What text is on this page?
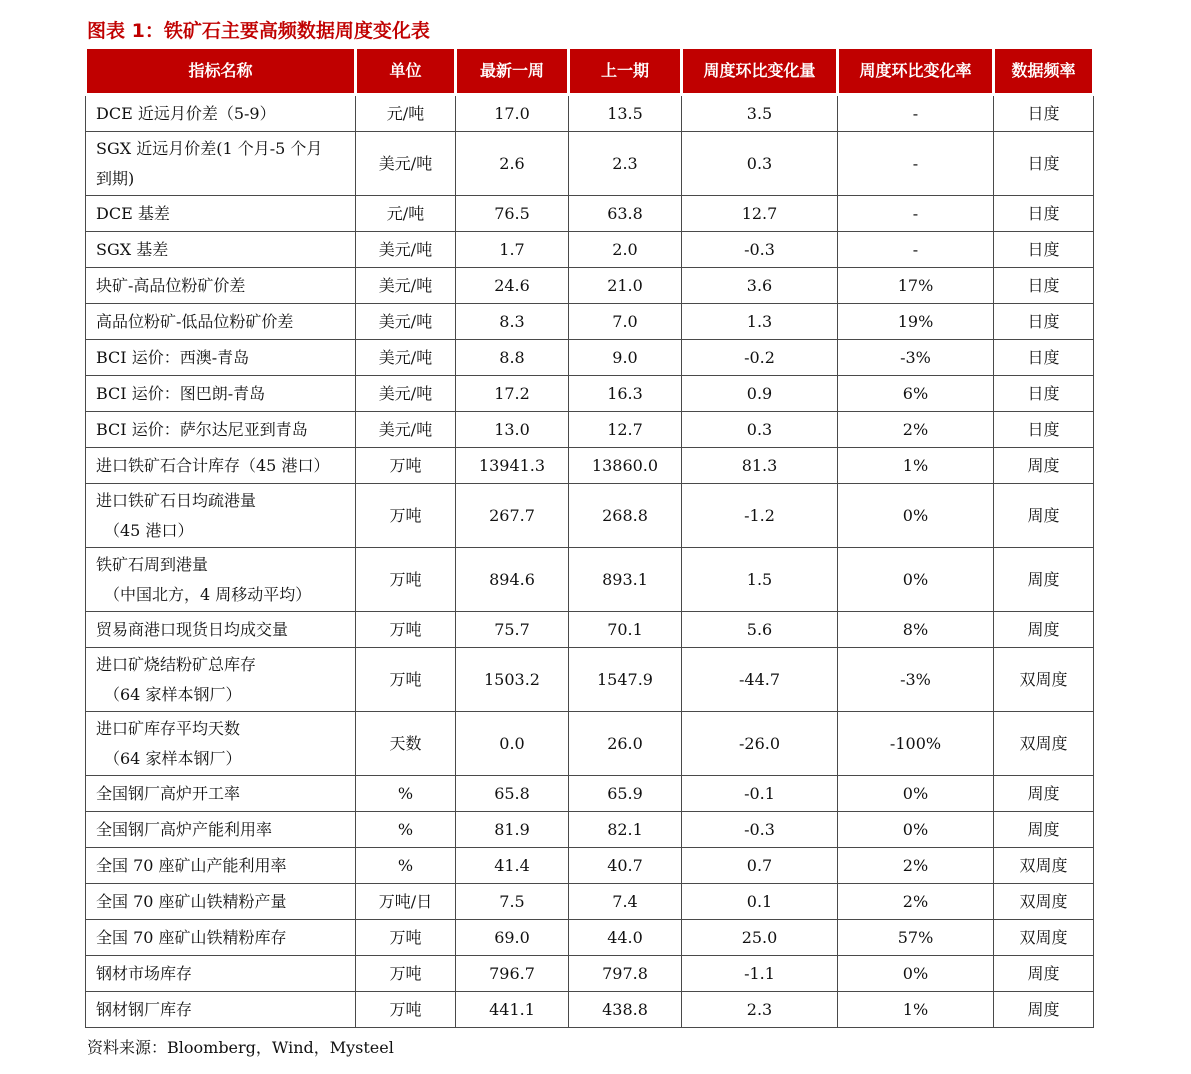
图表 1：铁矿石主要高频数据周度变化表
指标名称	单位	最新一周	上一期	周度环比变化量	周度环比变化率	数据频率

DCE 近远月价差（5-9）	元/吨	17.0	13.5	3.5	-	日度

SGX 近远月价差(1 个月-5 个月
到期)	美元/吨	2.6	2.3	0.3	-	日度

DCE 基差	元/吨	76.5	63.8	12.7	-	日度

SGX 基差	美元/吨	1.7	2.0	-0.3	-	日度

块矿-高品位粉矿价差	美元/吨	24.6	21.0	3.6	17%	日度

高品位粉矿-低品位粉矿价差	美元/吨	8.3	7.0	1.3	19%	日度

BCI 运价：西澳-青岛	美元/吨	8.8	9.0	-0.2	-3%	日度

BCI 运价：图巴朗-青岛	美元/吨	17.2	16.3	0.9	6%	日度

BCI 运价：萨尔达尼亚到青岛	美元/吨	13.0	12.7	0.3	2%	日度

进口铁矿石合计库存（45 港口）	万吨	13941.3	13860.0	81.3	1%	周度

进口铁矿石日均疏港量
（45 港口）	万吨	267.7	268.8	-1.2	0%	周度

铁矿石周到港量
（中国北方，4 周移动平均）	万吨	894.6	893.1	1.5	0%	周度

贸易商港口现货日均成交量	万吨	75.7	70.1	5.6	8%	周度

进口矿烧结粉矿总库存
（64 家样本钢厂）	万吨	1503.2	1547.9	-44.7	-3%	双周度

进口矿库存平均天数
（64 家样本钢厂）	天数	0.0	26.0	-26.0	-100%	双周度

全国钢厂高炉开工率	%	65.8	65.9	-0.1	0%	周度

全国钢厂高炉产能利用率	%	81.9	82.1	-0.3	0%	周度

全国 70 座矿山产能利用率	%	41.4	40.7	0.7	2%	双周度

全国 70 座矿山铁精粉产量	万吨/日	7.5	7.4	0.1	2%	双周度

全国 70 座矿山铁精粉库存	万吨	69.0	44.0	25.0	57%	双周度

钢材市场库存	万吨	796.7	797.8	-1.1	0%	周度

钢材钢厂库存	万吨	441.1	438.8	2.3	1%	周度
资料来源：Bloomberg，Wind，Mysteel
